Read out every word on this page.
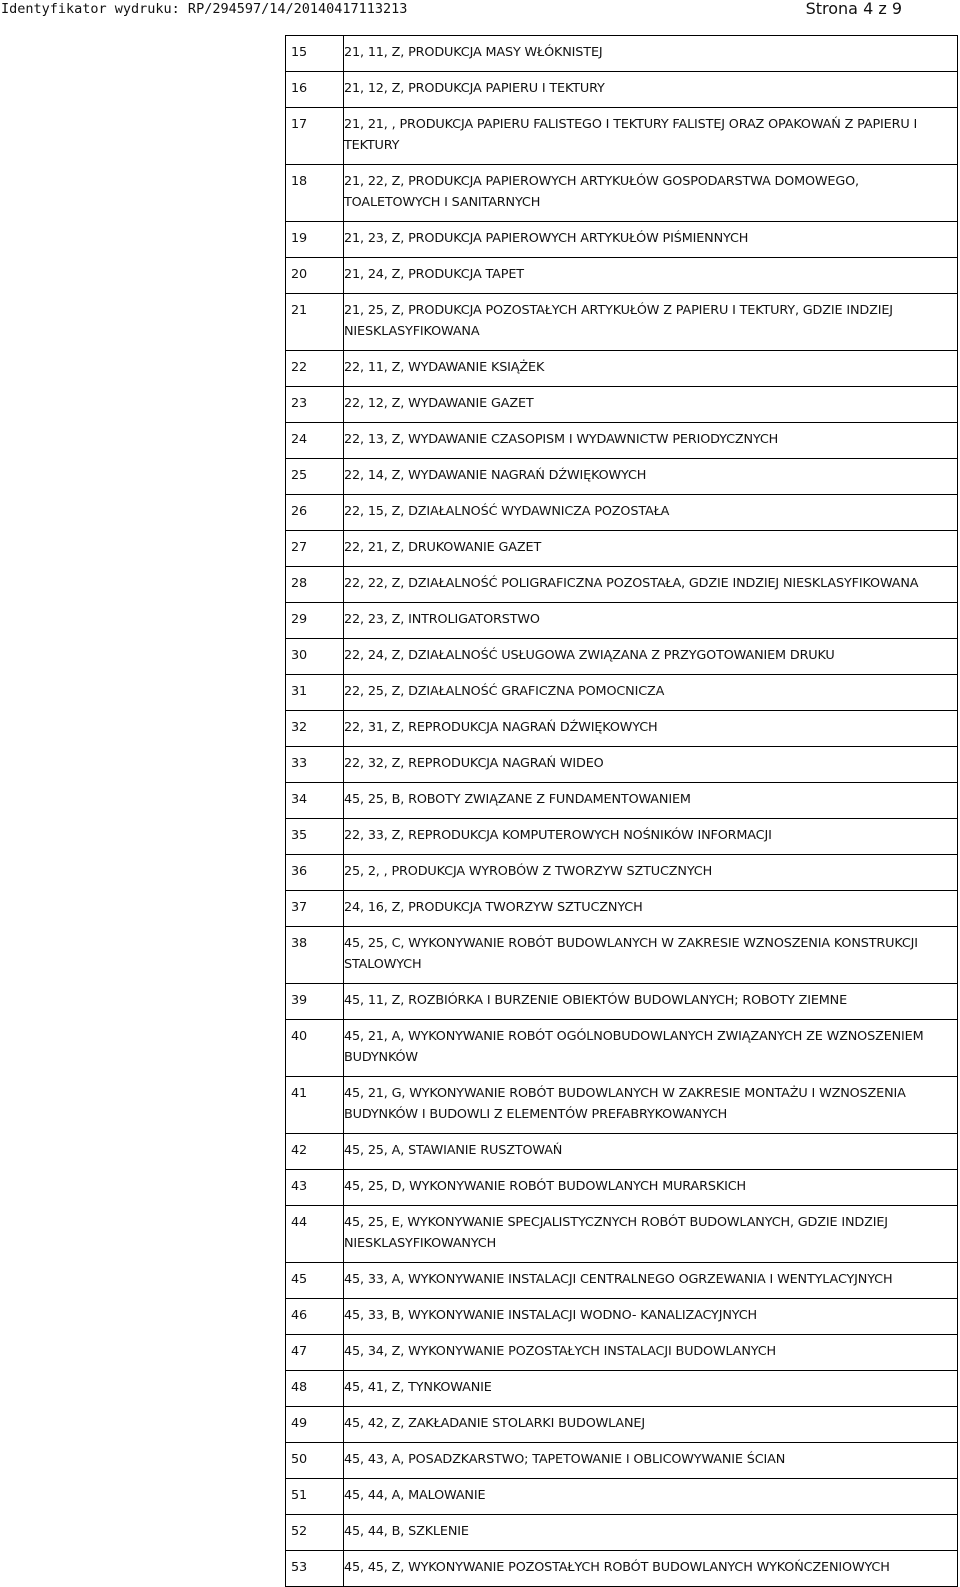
Identyfikator wydruku: RP/294597/14/20140417113213	Strona 4 z 9
15	21, 11, Z, PRODUKCJA MASY WŁÓKNISTEJ
16	21, 12, Z, PRODUKCJA PAPIERU I TEKTURY
17	21, 21, , PRODUKCJA PAPIERU FALISTEGO I TEKTURY FALISTEJ ORAZ OPAKOWAŃ Z PAPIERU I TEKTURY
18	21, 22, Z, PRODUKCJA PAPIEROWYCH ARTYKUŁÓW GOSPODARSTWA DOMOWEGO, TOALETOWYCH I SANITARNYCH
19	21, 23, Z, PRODUKCJA PAPIEROWYCH ARTYKUŁÓW PIŚMIENNYCH
20	21, 24, Z, PRODUKCJA TAPET
21	21, 25, Z, PRODUKCJA POZOSTAŁYCH ARTYKUŁÓW Z PAPIERU I TEKTURY, GDZIE INDZIEJ NIESKLASYFIKOWANA
22	22, 11, Z, WYDAWANIE KSIĄŻEK
23	22, 12, Z, WYDAWANIE GAZET
24	22, 13, Z, WYDAWANIE CZASOPISM I WYDAWNICTW PERIODYCZNYCH
25	22, 14, Z, WYDAWANIE NAGRAŃ DŹWIĘKOWYCH
26	22, 15, Z, DZIAŁALNOŚĆ WYDAWNICZA POZOSTAŁA
27	22, 21, Z, DRUKOWANIE GAZET
28	22, 22, Z, DZIAŁALNOŚĆ POLIGRAFICZNA POZOSTAŁA, GDZIE INDZIEJ NIESKLASYFIKOWANA
29	22, 23, Z, INTROLIGATORSTWO
30	22, 24, Z, DZIAŁALNOŚĆ USŁUGOWA ZWIĄZANA Z PRZYGOTOWANIEM DRUKU
31	22, 25, Z, DZIAŁALNOŚĆ GRAFICZNA POMOCNICZA
32	22, 31, Z, REPRODUKCJA NAGRAŃ DŹWIĘKOWYCH
33	22, 32, Z, REPRODUKCJA NAGRAŃ WIDEO
34	45, 25, B, ROBOTY ZWIĄZANE Z FUNDAMENTOWANIEM
35	22, 33, Z, REPRODUKCJA KOMPUTEROWYCH NOŚNIKÓW INFORMACJI
36	25, 2, , PRODUKCJA WYROBÓW Z TWORZYW SZTUCZNYCH
37	24, 16, Z, PRODUKCJA TWORZYW SZTUCZNYCH
38	45, 25, C, WYKONYWANIE ROBÓT BUDOWLANYCH W ZAKRESIE WZNOSZENIA KONSTRUKCJI STALOWYCH
39	45, 11, Z, ROZBIÓRKA I BURZENIE OBIEKTÓW BUDOWLANYCH; ROBOTY ZIEMNE
40	45, 21, A, WYKONYWANIE ROBÓT OGÓLNOBUDOWLANYCH ZWIĄZANYCH ZE WZNOSZENIEM BUDYNKÓW
41	45, 21, G, WYKONYWANIE ROBÓT BUDOWLANYCH W ZAKRESIE MONTAŻU I WZNOSZENIA BUDYNKÓW I BUDOWLI Z ELEMENTÓW PREFABRYKOWANYCH
42	45, 25, A, STAWIANIE RUSZTOWAŃ
43	45, 25, D, WYKONYWANIE ROBÓT BUDOWLANYCH MURARSKICH
44	45, 25, E, WYKONYWANIE SPECJALISTYCZNYCH ROBÓT BUDOWLANYCH, GDZIE INDZIEJ NIESKLASYFIKOWANYCH
45	45, 33, A, WYKONYWANIE INSTALACJI CENTRALNEGO OGRZEWANIA I WENTYLACYJNYCH
46	45, 33, B, WYKONYWANIE INSTALACJI WODNO- KANALIZACYJNYCH
47	45, 34, Z, WYKONYWANIE POZOSTAŁYCH INSTALACJI BUDOWLANYCH
48	45, 41, Z, TYNKOWANIE
49	45, 42, Z, ZAKŁADANIE STOLARKI BUDOWLANEJ
50	45, 43, A, POSADZKARSTWO; TAPETOWANIE I OBLICOWYWANIE ŚCIAN
51	45, 44, A, MALOWANIE
52	45, 44, B, SZKLENIE
53	45, 45, Z, WYKONYWANIE POZOSTAŁYCH ROBÓT BUDOWLANYCH WYKOŃCZENIOWYCH
